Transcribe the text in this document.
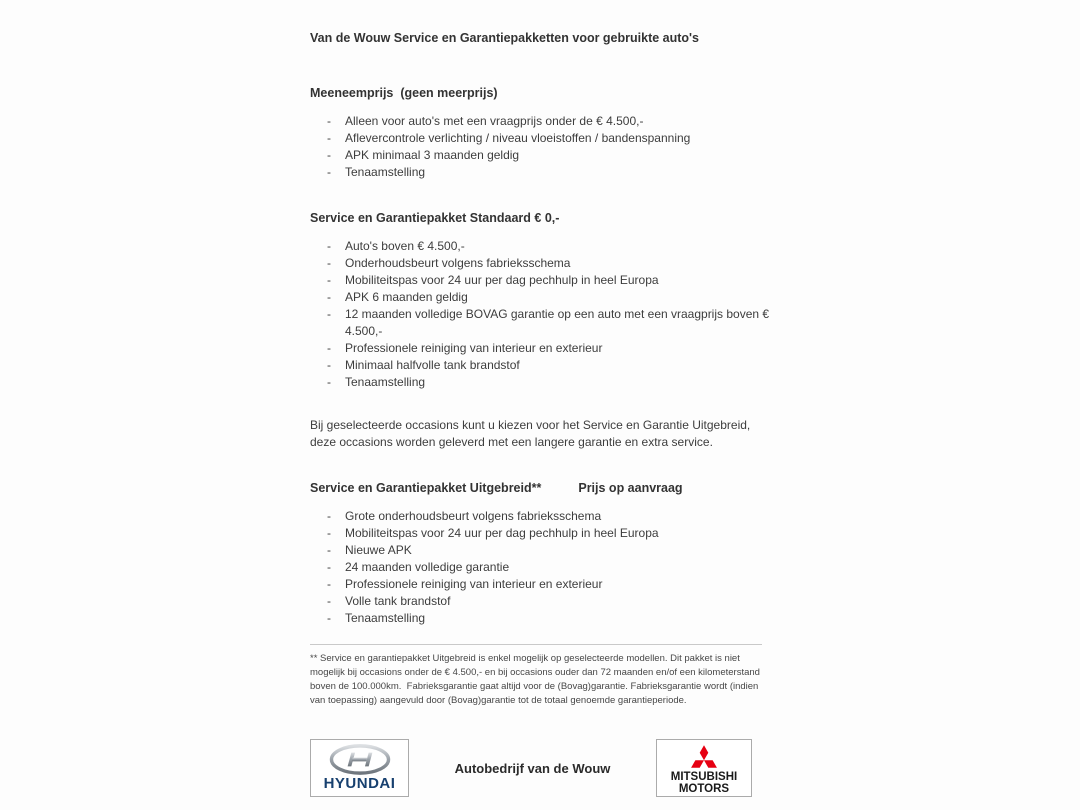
Van de Wouw Service en Garantiepakketten voor gebruikte auto's
Meeneemprijs  (geen meerprijs)
-	Alleen voor auto's met een vraagprijs onder de € 4.500,-
-	Aflevercontrole verlichting / niveau vloeistoffen / bandenspanning
-	APK minimaal 3 maanden geldig
-	Tenaamstelling
Service en Garantiepakket Standaard € 0,-
-	Auto's boven € 4.500,-
-	Onderhoudsbeurt volgens fabrieksschema
-	Mobiliteitspas voor 24 uur per dag pechhulp in heel Europa
-	APK 6 maanden geldig
-	12 maanden volledige BOVAG garantie op een auto met een vraagprijs boven € 4.500,-
-	Professionele reiniging van interieur en exterieur
-	Minimaal halfvolle tank brandstof
-	Tenaamstelling

Bij geselecteerde occasions kunt u kiezen voor het Service en Garantie Uitgebreid, deze occasions worden geleverd met een langere garantie en extra service.

Service en Garantiepakket Uitgebreid**	Prijs op aanvraag
-	Grote onderhoudsbeurt volgens fabrieksschema
-	Mobiliteitspas voor 24 uur per dag pechhulp in heel Europa
-	Nieuwe APK
-	24 maanden volledige garantie
-	Professionele reiniging van interieur en exterieur
-	Volle tank brandstof
-	Tenaamstelling
** Service en garantiepakket Uitgebreid is enkel mogelijk op geselecteerde modellen. Dit pakket is niet mogelijk bij occasions onder de € 4.500,- en bij occasions ouder dan 72 maanden en/of een kilometerstand boven de 100.000km.  Fabrieksgarantie gaat altijd voor de (Bovag)garantie. Fabrieksgarantie wordt (indien van toepassing) aangevuld door (Bovag)garantie tot de totaal genoemde garantieperiode.
HYUNDAI
Autobedrijf van de Wouw
MITSUBISHI
MOTORS
